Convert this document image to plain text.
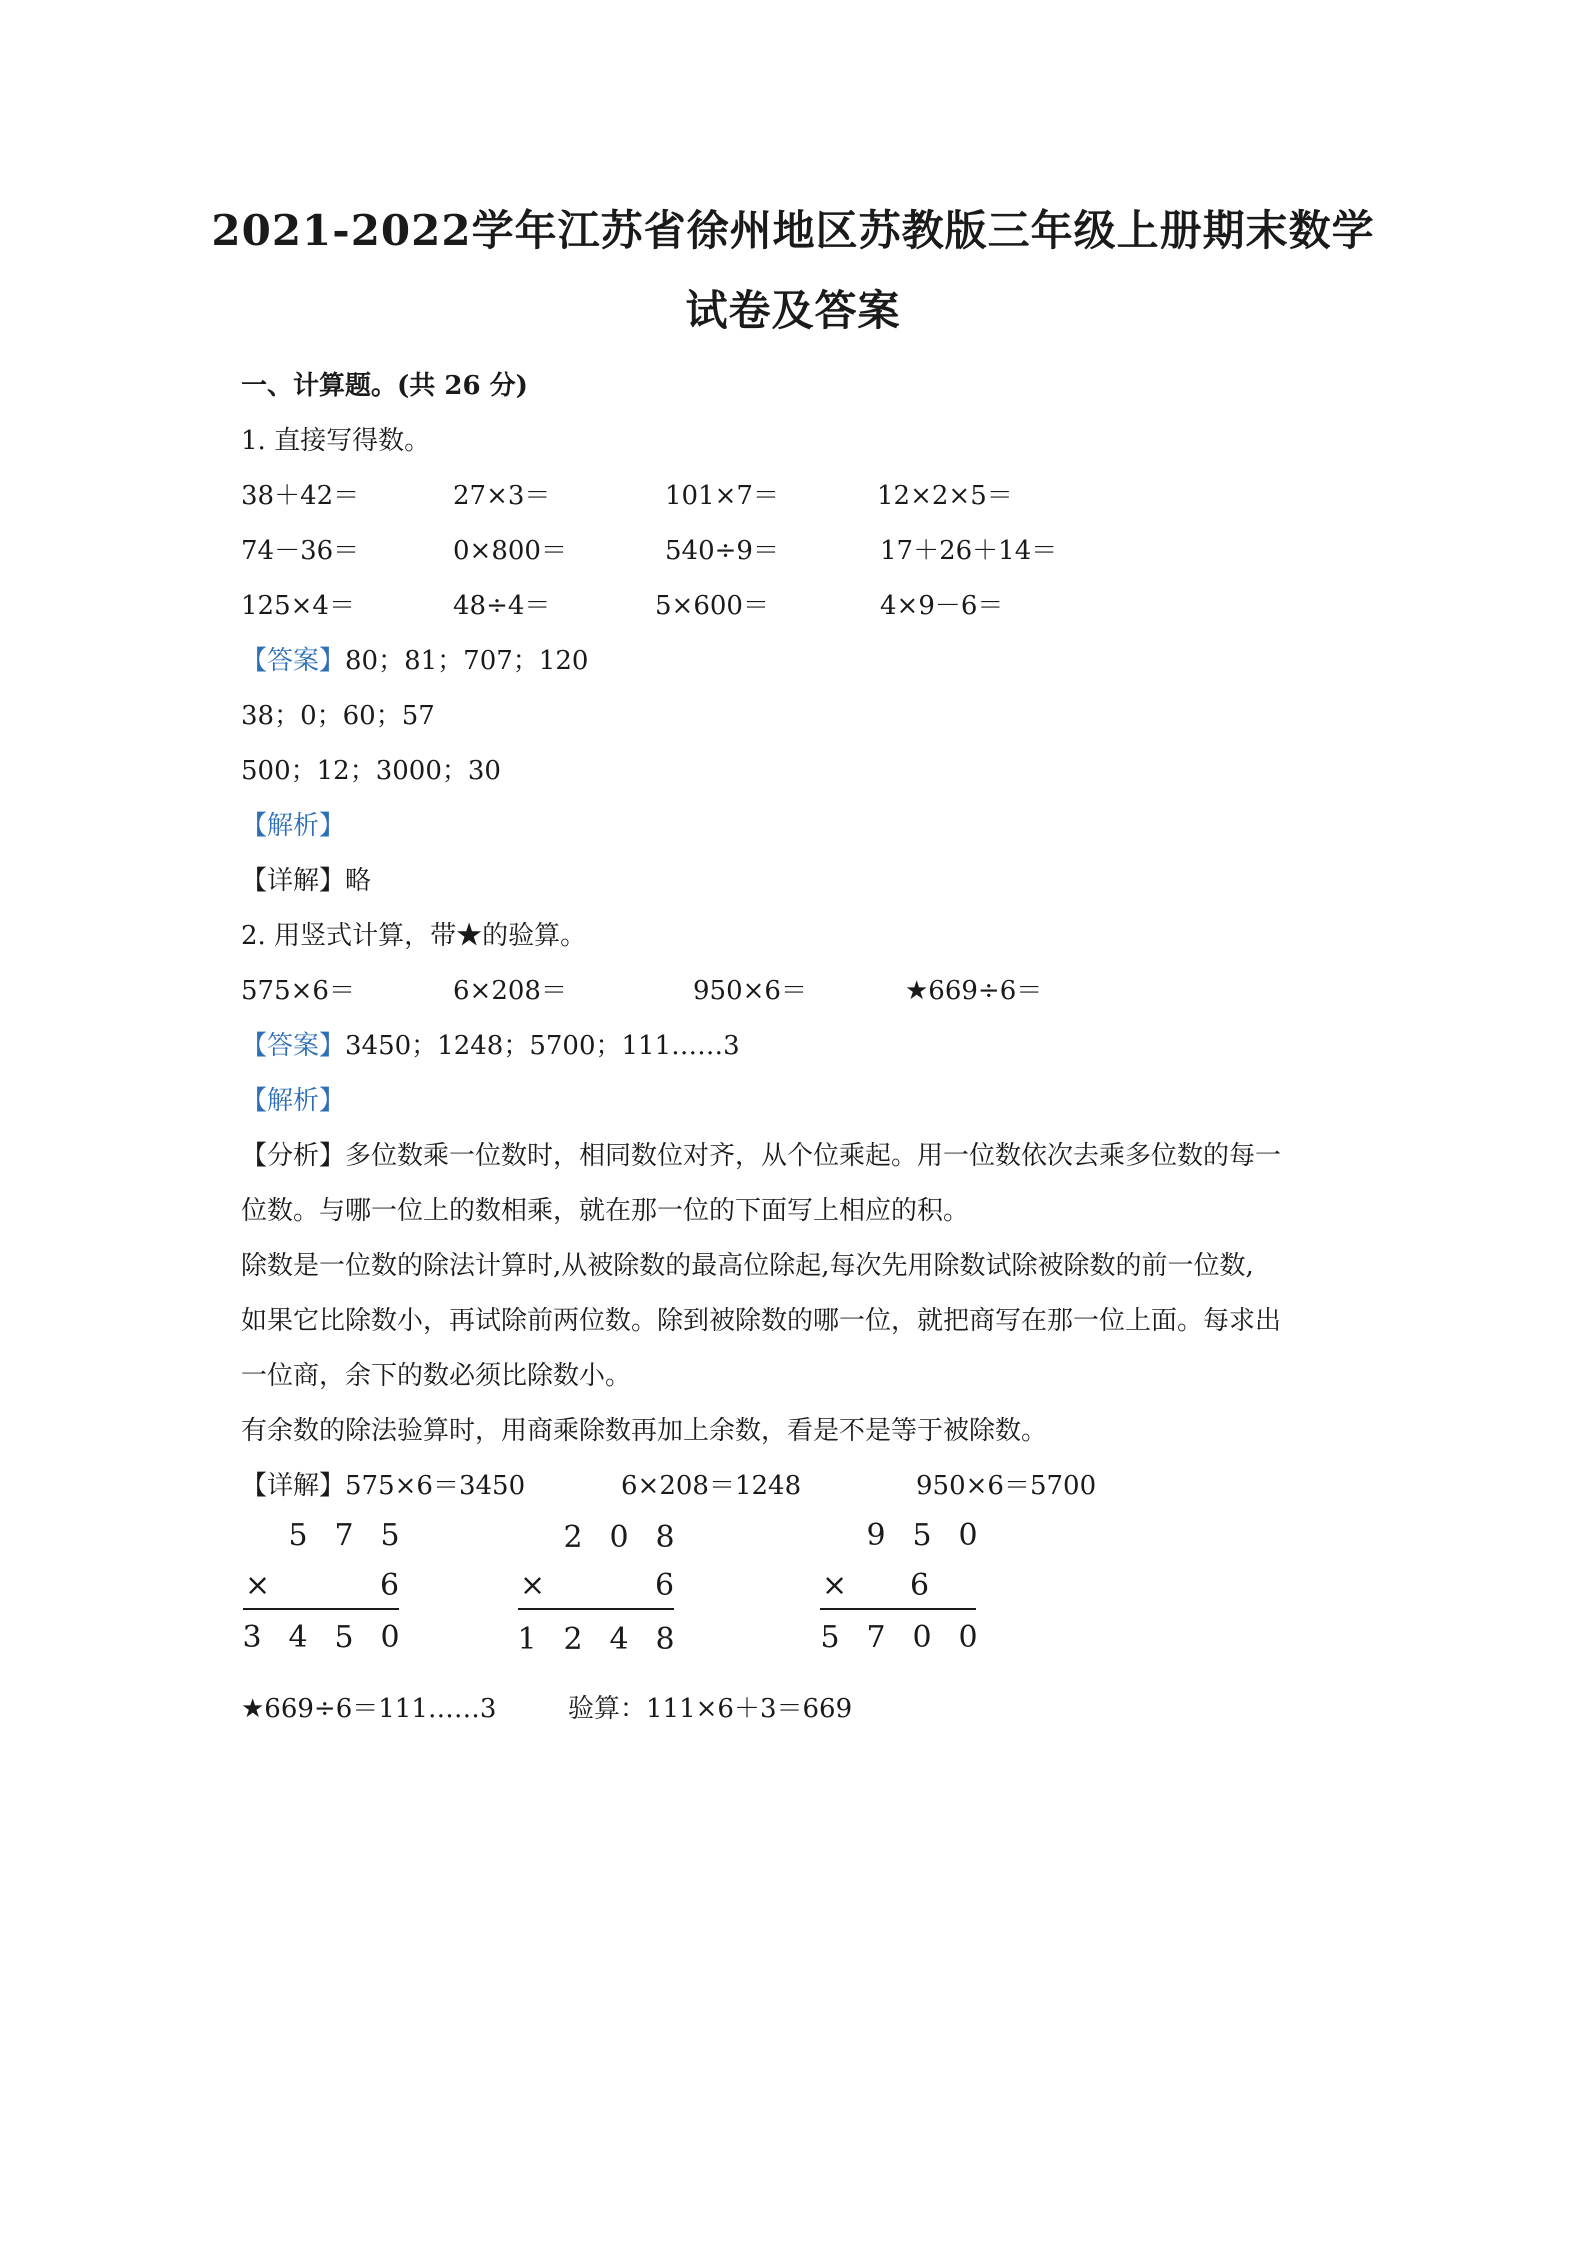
2021-2022学年江苏省徐州地区苏教版三年级上册期末数学
试卷及答案
一、计算题。(共 26 分)
1. 直接写得数。
38＋42＝	27×3＝	101×7＝	12×2×5＝
74－36＝	0×800＝	540÷9＝	17＋26＋14＝
125×4＝	48÷4＝	5×600＝	4×9－6＝
【答案】80；81；707；120
38；0；60；57
500；12；3000；30
【解析】
【详解】略
2. 用竖式计算，带★的验算。
575×6＝	6×208＝	950×6＝	★669÷6＝
【答案】3450；1248；5700；111……3
【解析】
【分析】多位数乘一位数时，相同数位对齐，从个位乘起。用一位数依次去乘多位数的每一
位数。与哪一位上的数相乘，就在那一位的下面写上相应的积。
除数是一位数的除法计算时,从被除数的最高位除起,每次先用除数试除被除数的前一位数,
如果它比除数小，再试除前两位数。除到被除数的哪一位，就把商写在那一位上面。每求出
一位商，余下的数必须比除数小。
有余数的除法验算时，用商乘除数再加上余数，看是不是等于被除数。
【详解】575×6＝3450	6×208＝1248	950×6＝5700
5 7 5
×	6
3 4 5 0
2 0 8
×	6
1 2 4 8
9 5 0
× 6
5 7 0 0
★669÷6＝111……3	验算：111×6＋3＝669
